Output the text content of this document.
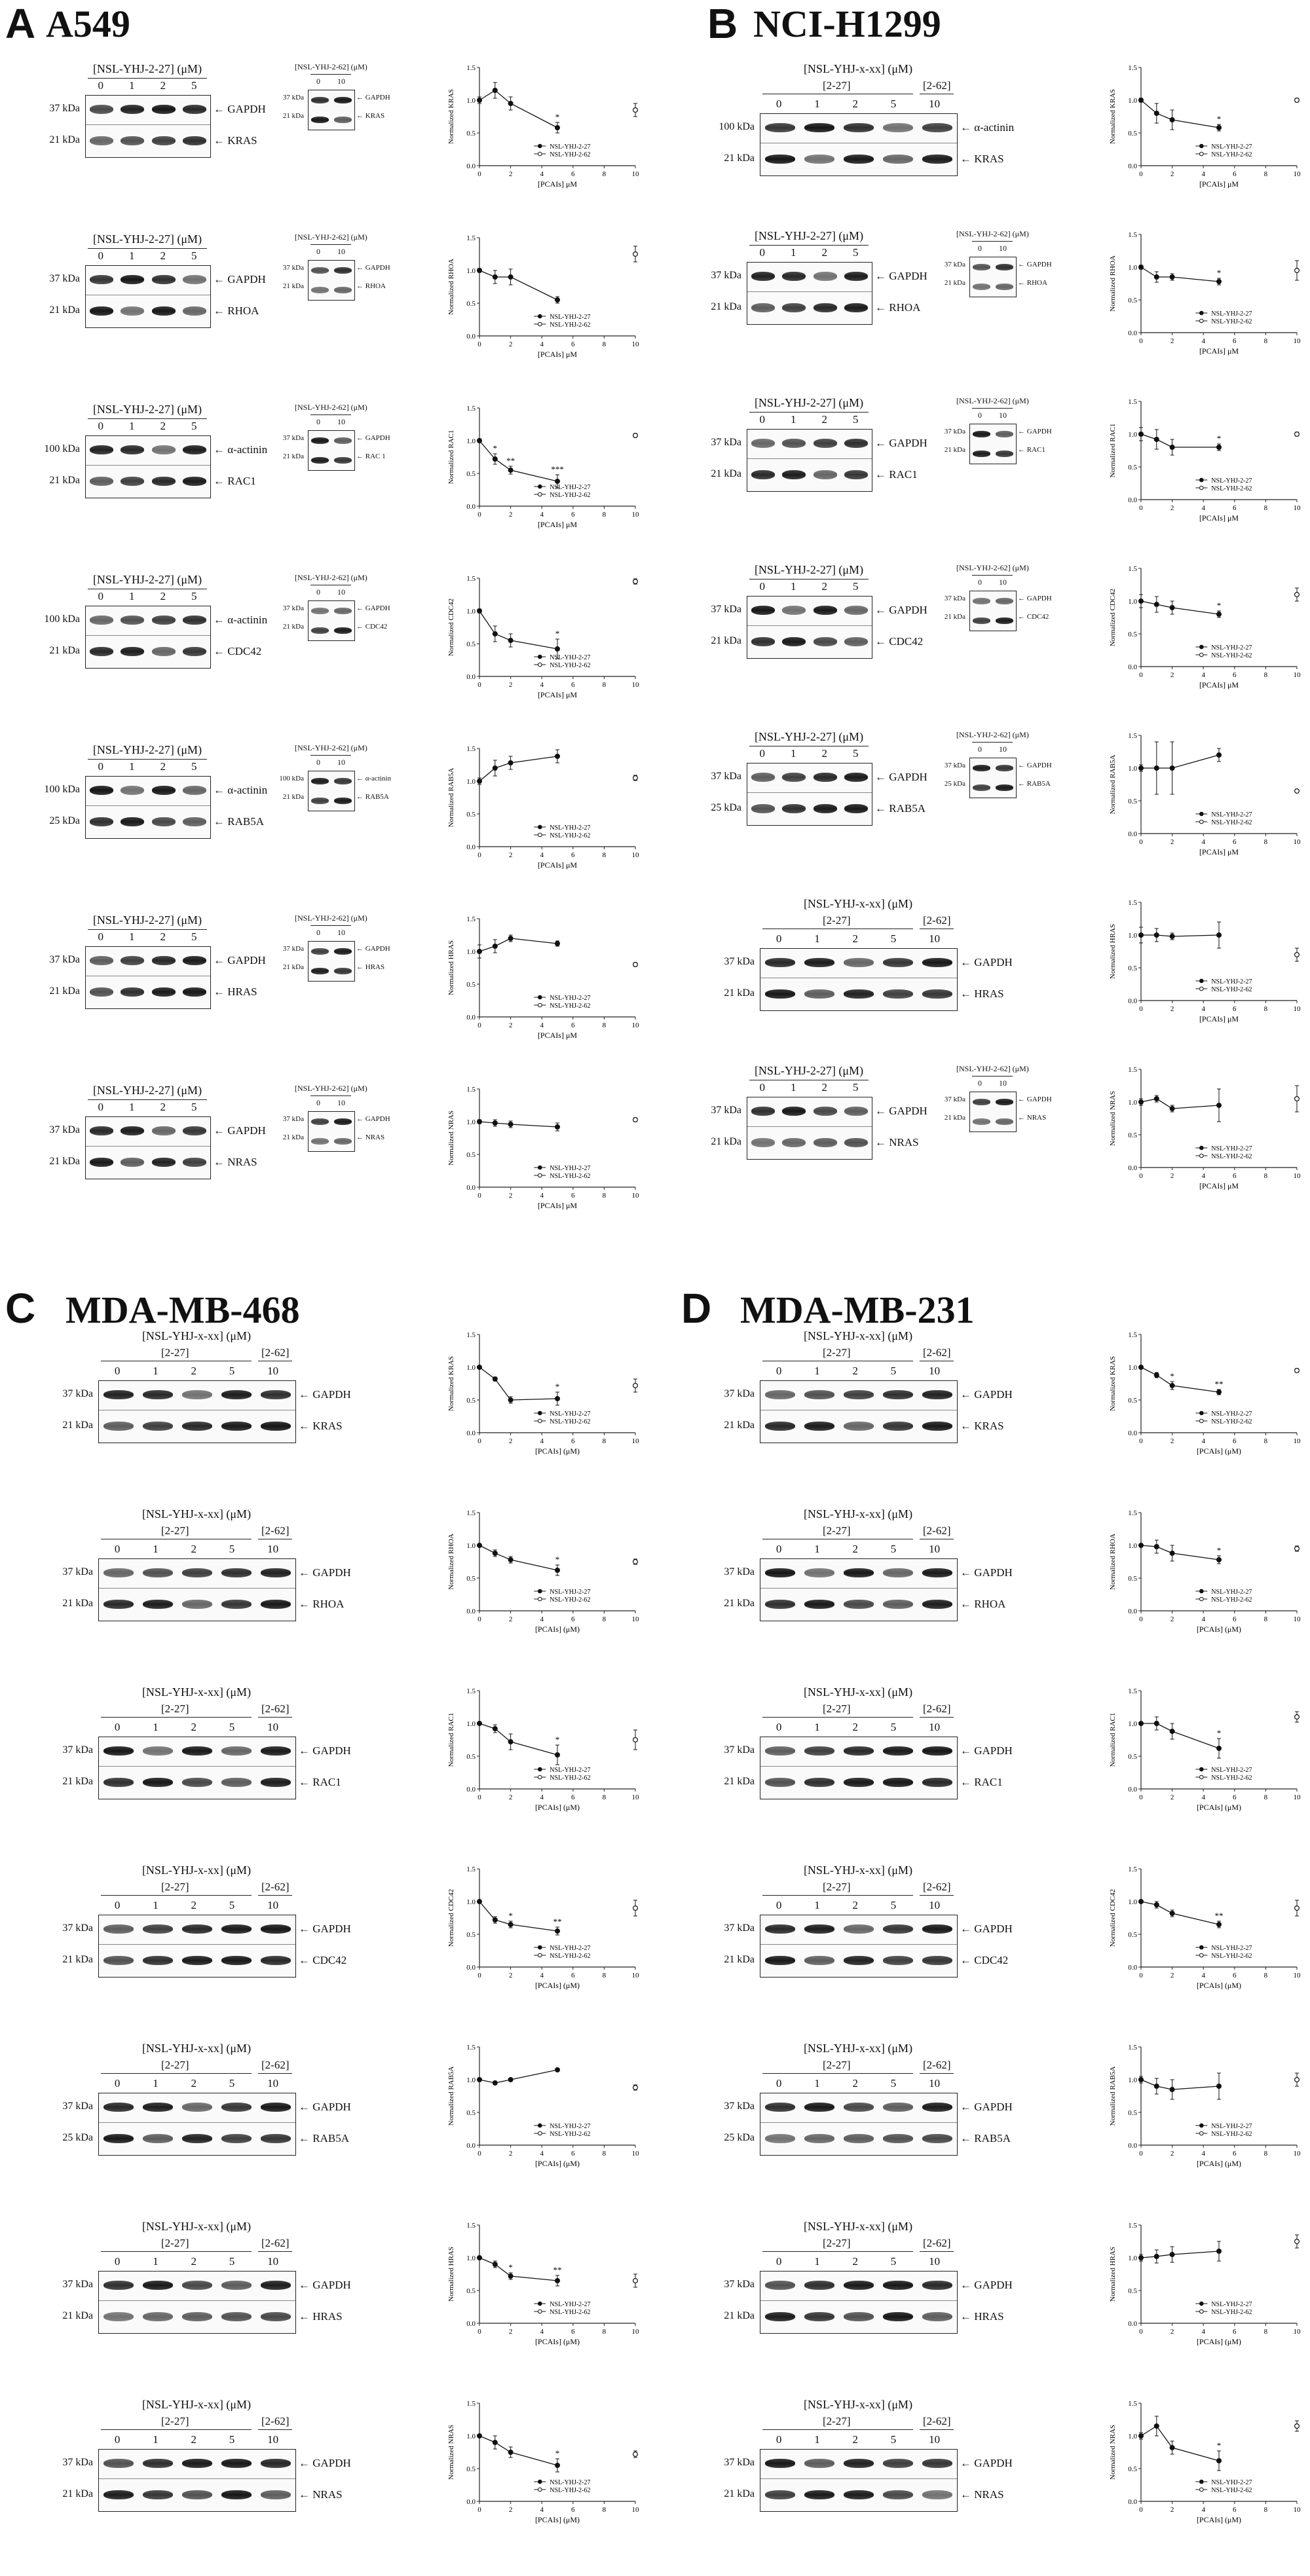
A A549
[NSL-YHJ-2-27] (μM)
0 1 2 5
37 kDa	← GAPDH
21 kDa	← KRAS
[NSL-YHJ-2-62] (μM)
0 10
37 kDa	← GAPDH
21 kDa	← KRAS
0.0
0.5
1.0
1.5
0	2	4	6	8	10
[PCAIs] μM
Normalized KRAS	*
NSL-YHJ-2-27
NSL-YHJ-2-62
[NSL-YHJ-2-27] (μM)
0 1 2 5
37 kDa	← GAPDH
21 kDa	← RHOA
[NSL-YHJ-2-62] (μM)
0 10
37 kDa	← GAPDH
21 kDa	← RHOA
0.0
0.5
1.0
1.5
0	2	4	6	8	10
[PCAIs] μM
Normalized RHOA
NSL-YHJ-2-27
NSL-YHJ-2-62
[NSL-YHJ-2-27] (μM)
0 1 2 5
100 kDa	← α-actinin
21 kDa	← RAC1
[NSL-YHJ-2-62] (μM)
0 10
37 kDa	← GAPDH
21 kDa	← RAC 1
0.0
0.5
1.0
1.5
0	2	4	6	8	10
[PCAIs] μM
Normalized RAC1	*
**
***
NSL-YHJ-2-27
NSL-YHJ-2-62
[NSL-YHJ-2-27] (μM)
0 1 2 5
100 kDa	← α-actinin
21 kDa	← CDC42
[NSL-YHJ-2-62] (μM)
0 10
37 kDa	← GAPDH
21 kDa	← CDC42
0.0
0.5
1.0
1.5
0	2	4	6	8	10
[PCAIs] μM
Normalized CDC42	*
NSL-YHJ-2-27
NSL-YHJ-2-62
[NSL-YHJ-2-27] (μM)
0 1 2 5
100 kDa	← α-actinin
25 kDa	← RAB5A
[NSL-YHJ-2-62] (μM)
0 10
100 kDa	← α-actinin
21 kDa	← RAB5A
0.0
0.5
1.0
1.5
0	2	4	6	8	10
[PCAIs] μM
Normalized RAB5A
NSL-YHJ-2-27
NSL-YHJ-2-62
[NSL-YHJ-2-27] (μM)
0 1 2 5
37 kDa	← GAPDH
21 kDa	← HRAS
[NSL-YHJ-2-62] (μM)
0 10
37 kDa	← GAPDH
21 kDa	← HRAS
0.0
0.5
1.0
1.5
0	2	4	6	8	10
[PCAIs] μM
Normalized HRAS
NSL-YHJ-2-27
NSL-YHJ-2-62
[NSL-YHJ-2-27] (μM)
0 1 2 5
37 kDa	← GAPDH
21 kDa	← NRAS
[NSL-YHJ-2-62] (μM)
0 10
37 kDa	← GAPDH
21 kDa	← NRAS
0.0
0.5
1.0
1.5
0	2	4	6	8	10
[PCAIs] μM
Normalized NRAS
NSL-YHJ-2-27
NSL-YHJ-2-62
B NCI-H1299
[NSL-YHJ-x-xx] (μM)
[2-27]	[2-62]
0	1	2	5	10
100 kDa	← α-actinin
21 kDa	← KRAS
0.0
0.5
1.0
1.5
0	2	4	6	8	10
[PCAIs] μM
Normalized KRAS	*
NSL-YHJ-2-27
NSL-YHJ-2-62
[NSL-YHJ-2-27] (μM)
0 1 2 5
37 kDa	← GAPDH
21 kDa	← RHOA
[NSL-YHJ-2-62] (μM)
0 10
37 kDa	← GAPDH
21 kDa	← RHOA
0.0
0.5
1.0
1.5
0	2	4	6	8	10
[PCAIs] μM
Normalized RHOA	*
NSL-YHJ-2-27
NSL-YHJ-2-62
[NSL-YHJ-2-27] (μM)
0 1 2 5
37 kDa	← GAPDH
21 kDa	← RAC1
[NSL-YHJ-2-62] (μM)
0 10
37 kDa	← GAPDH
21 kDa	← RAC1
0.0
0.5
1.0
1.5
0	2	4	6	8	10
[PCAIs] μM
Normalized RAC1	*
NSL-YHJ-2-27
NSL-YHJ-2-62
[NSL-YHJ-2-27] (μM)
0 1 2 5
37 kDa	← GAPDH
21 kDa	← CDC42
[NSL-YHJ-2-62] (μM)
0 10
37 kDa	← GAPDH
21 kDa	← CDC42
0.0
0.5
1.0
1.5
0	2	4	6	8	10
[PCAIs] μM
Normalized CDC42	*
NSL-YHJ-2-27
NSL-YHJ-2-62
[NSL-YHJ-2-27] (μM)
0 1 2 5
37 kDa	← GAPDH
25 kDa	← RAB5A
[NSL-YHJ-2-62] (μM)
0 10
37 kDa	← GAPDH
25 kDa	← RAB5A
0.0
0.5
1.0
1.5
0	2	4	6	8	10
[PCAIs] μM
Normalized RAB5A
NSL-YHJ-2-27
NSL-YHJ-2-62
[NSL-YHJ-x-xx] (μM)
[2-27]	[2-62]
0	1	2	5	10
37 kDa	← GAPDH
21 kDa	← HRAS
0.0
0.5
1.0
1.5
0	2	4	6	8	10
[PCAIs] μM
Normalized HRAS
NSL-YHJ-2-27
NSL-YHJ-2-62
[NSL-YHJ-2-27] (μM)
0 1 2 5
37 kDa	← GAPDH
21 kDa	← NRAS
[NSL-YHJ-2-62] (μM)
0 10
37 kDa	← GAPDH
21 kDa	← NRAS
0.0
0.5
1.0
1.5
0	2	4	6	8	10
[PCAIs] μM
Normalized NRAS
NSL-YHJ-2-27
NSL-YHJ-2-62
C MDA-MB-468
[NSL-YHJ-x-xx] (μM)
[2-27]	[2-62]
0	1	2	5	10
37 kDa	← GAPDH
21 kDa	← KRAS
0.0
0.5
1.0
1.5
0	2	4	6	8	10
[PCAIs] (μM)
Normalized KRAS	*
NSL-YHJ-2-27
NSL-YHJ-2-62
[NSL-YHJ-x-xx] (μM)
[2-27]	[2-62]
0	1	2	5	10
37 kDa	← GAPDH
21 kDa	← RHOA
0.0
0.5
1.0
1.5
0	2	4	6	8	10
[PCAIs] (μM)
Normalized RHOA	*
NSL-YHJ-2-27
NSL-YHJ-2-62
[NSL-YHJ-x-xx] (μM)
[2-27]	[2-62]
0	1	2	5	10
37 kDa	← GAPDH
21 kDa	← RAC1
0.0
0.5
1.0
1.5
0	2	4	6	8	10
[PCAIs] (μM)
Normalized RAC1	*
NSL-YHJ-2-27
NSL-YHJ-2-62
[NSL-YHJ-x-xx] (μM)
[2-27]	[2-62]
0	1	2	5	10
37 kDa	← GAPDH
21 kDa	← CDC42
0.0
0.5
1.0
1.5
0	2	4	6	8	10
[PCAIs] (μM)
Normalized CDC42	*
**
NSL-YHJ-2-27
NSL-YHJ-2-62
[NSL-YHJ-x-xx] (μM)
[2-27]	[2-62]
0	1	2	5	10
37 kDa	← GAPDH
25 kDa	← RAB5A
0.0
0.5
1.0
1.5
0	2	4	6	8	10
[PCAIs] (μM)
Normalized RAB5A
NSL-YHJ-2-27
NSL-YHJ-2-62
[NSL-YHJ-x-xx] (μM)
[2-27]	[2-62]
0	1	2	5	10
37 kDa	← GAPDH
21 kDa	← HRAS
0.0
0.5
1.0
1.5
0	2	4	6	8	10
[PCAIs] (μM)
Normalized HRAS	*	**
NSL-YHJ-2-27
NSL-YHJ-2-62
[NSL-YHJ-x-xx] (μM)
[2-27]	[2-62]
0	1	2	5	10
37 kDa	← GAPDH
21 kDa	← NRAS
0.0
0.5
1.0
1.5
0	2	4	6	8	10
[PCAIs] (μM)
Normalized NRAS	*
NSL-YHJ-2-27
NSL-YHJ-2-62
D MDA-MB-231
[NSL-YHJ-x-xx] (μM)
[2-27]	[2-62]
0	1	2	5	10
37 kDa	← GAPDH
21 kDa	← KRAS
0.0
0.5
1.0
1.5
0	2	4	6	8	10
[PCAIs] (μM)
Normalized KRAS	*
**
NSL-YHJ-2-27
NSL-YHJ-2-62
[NSL-YHJ-x-xx] (μM)
[2-27]	[2-62]
0	1	2	5	10
37 kDa	← GAPDH
21 kDa	← RHOA
0.0
0.5
1.0
1.5
0	2	4	6	8	10
[PCAIs] (μM)
Normalized RHOA	*
NSL-YHJ-2-27
NSL-YHJ-2-62
[NSL-YHJ-x-xx] (μM)
[2-27]	[2-62]
0	1	2	5	10
37 kDa	← GAPDH
21 kDa	← RAC1
0.0
0.5
1.0
1.5
0	2	4	6	8	10
[PCAIs] (μM)
Normalized RAC1	*
NSL-YHJ-2-27
NSL-YHJ-2-62
[NSL-YHJ-x-xx] (μM)
[2-27]	[2-62]
0	1	2	5	10
37 kDa	← GAPDH
21 kDa	← CDC42
0.0
0.5
1.0
1.5
0	2	4	6	8	10
[PCAIs] (μM)
Normalized CDC42	**
NSL-YHJ-2-27
NSL-YHJ-2-62
[NSL-YHJ-x-xx] (μM)
[2-27]	[2-62]
0	1	2	5	10
37 kDa	← GAPDH
25 kDa	← RAB5A
0.0
0.5
1.0
1.5
0	2	4	6	8	10
[PCAIs] (μM)
Normalized RAB5A
NSL-YHJ-2-27
NSL-YHJ-2-62
[NSL-YHJ-x-xx] (μM)
[2-27]	[2-62]
0	1	2	5	10
37 kDa	← GAPDH
21 kDa	← HRAS
0.0
0.5
1.0
1.5
0	2	4	6	8	10
[PCAIs] (μM)
Normalized HRAS
NSL-YHJ-2-27
NSL-YHJ-2-62
[NSL-YHJ-x-xx] (μM)
[2-27]	[2-62]
0	1	2	5	10
37 kDa	← GAPDH
21 kDa	← NRAS
0.0
0.5
1.0
1.5
0	2	4	6	8	10
[PCAIs] (μM)
Normalized NRAS	*
NSL-YHJ-2-27
NSL-YHJ-2-62
